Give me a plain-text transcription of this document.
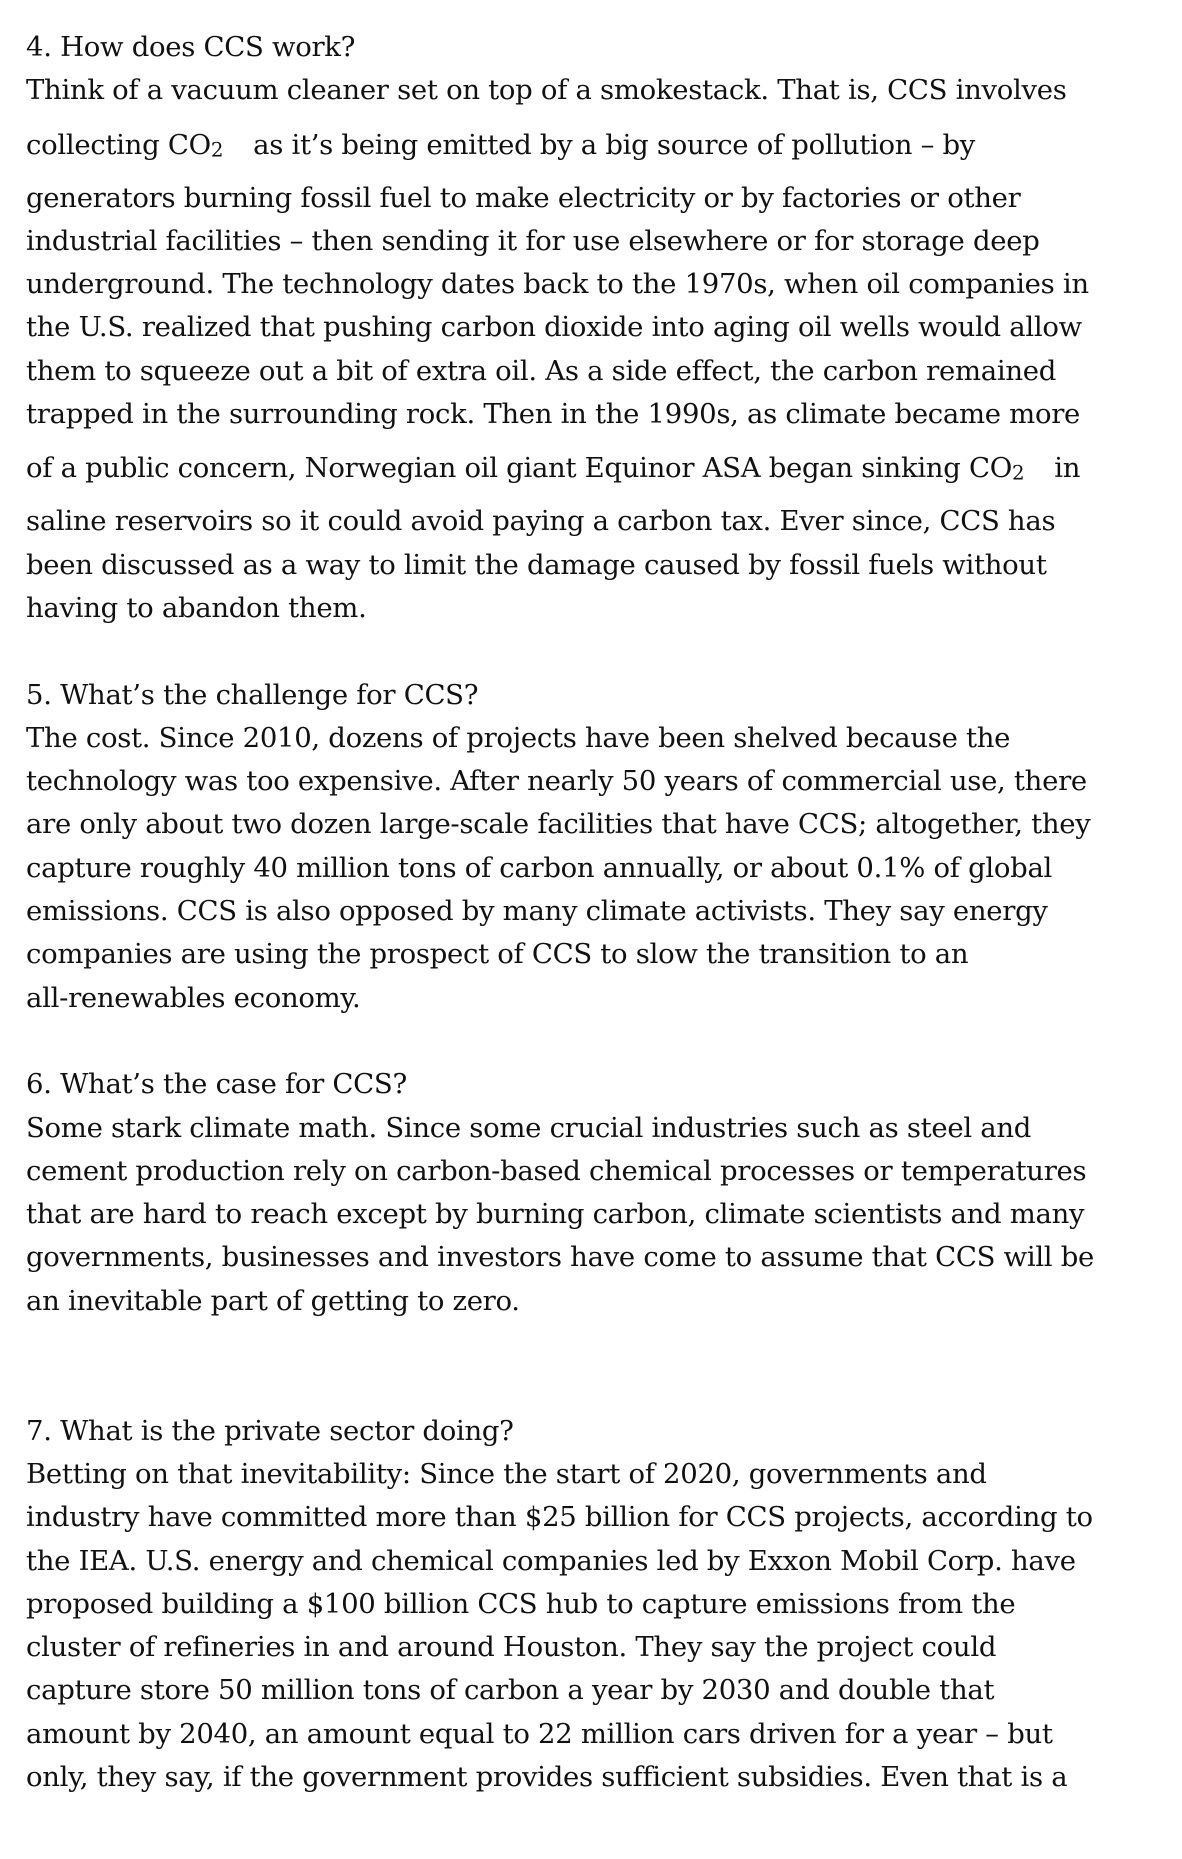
4. How does CCS work?
Think of a vacuum cleaner set on top of a smokestack. That is, CCS involves
collecting CO2 as it’s being emitted by a big source of pollution – by
generators burning fossil fuel to make electricity or by factories or other
industrial facilities – then sending it for use elsewhere or for storage deep
underground. The technology dates back to the 1970s, when oil companies in
the U.S. realized that pushing carbon dioxide into aging oil wells would allow
them to squeeze out a bit of extra oil. As a side effect, the carbon remained
trapped in the surrounding rock. Then in the 1990s, as climate became more
of a public concern, Norwegian oil giant Equinor ASA began sinking CO2 in
saline reservoirs so it could avoid paying a carbon tax. Ever since, CCS has
been discussed as a way to limit the damage caused by fossil fuels without
having to abandon them.
5. What’s the challenge for CCS?
The cost. Since 2010, dozens of projects have been shelved because the
technology was too expensive. After nearly 50 years of commercial use, there
are only about two dozen large-scale facilities that have CCS; altogether, they
capture roughly 40 million tons of carbon annually, or about 0.1% of global
emissions. CCS is also opposed by many climate activists. They say energy
companies are using the prospect of CCS to slow the transition to an
all-renewables economy.
6. What’s the case for CCS?
Some stark climate math. Since some crucial industries such as steel and
cement production rely on carbon-based chemical processes or temperatures
that are hard to reach except by burning carbon, climate scientists and many
governments, businesses and investors have come to assume that CCS will be
an inevitable part of getting to zero.
7. What is the private sector doing?
Betting on that inevitability: Since the start of 2020, governments and
industry have committed more than $25 billion for CCS projects, according to
the IEA. U.S. energy and chemical companies led by Exxon Mobil Corp. have
proposed building a $100 billion CCS hub to capture emissions from the
cluster of refineries in and around Houston. They say the project could
capture store 50 million tons of carbon a year by 2030 and double that
amount by 2040, an amount equal to 22 million cars driven for a year – but
only, they say, if the government provides sufficient subsidies. Even that is a
